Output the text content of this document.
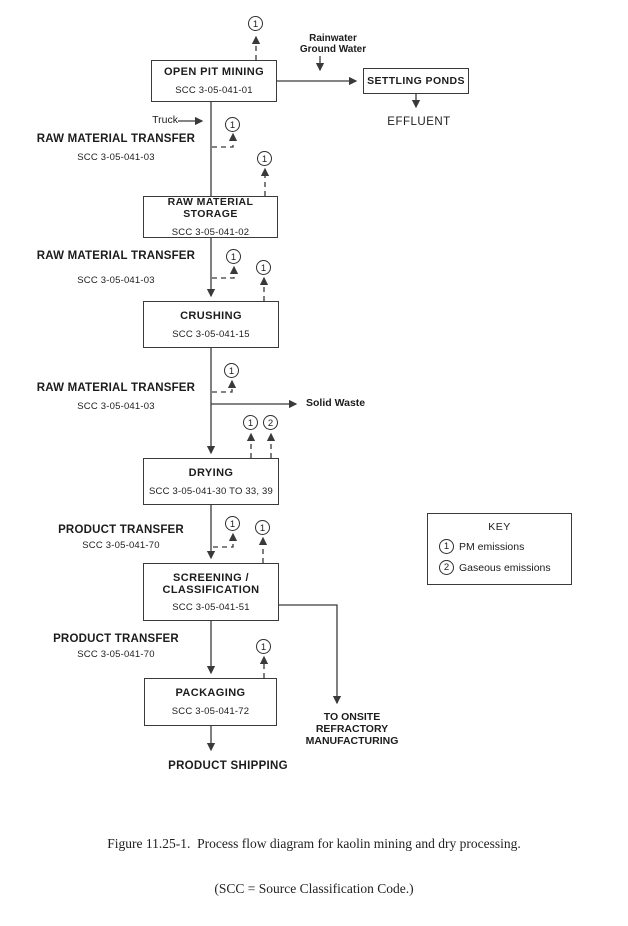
OPEN PIT MINING
SCC 3-05-041-01
SETTLING PONDS
RAW MATERIAL STORAGE
SCC 3-05-041-02
CRUSHING
SCC 3-05-041-15
DRYING
SCC 3-05-041-30 TO 33, 39
SCREENING /
CLASSIFICATION
SCC 3-05-041-51
PACKAGING
SCC 3-05-041-72
1
1
1
1
1
1
1	2
1	1
1
RAW MATERIAL TRANSFER
SCC 3-05-041-03
RAW MATERIAL TRANSFER
SCC 3-05-041-03
RAW MATERIAL TRANSFER
SCC 3-05-041-03
PRODUCT TRANSFER
SCC 3-05-041-70
PRODUCT TRANSFER
SCC 3-05-041-70
Rainwater
Ground Water
Truck	EFFLUENT
Solid Waste
PRODUCT SHIPPING
TO ONSITE
REFRACTORY
MANUFACTURING
KEY
1 PM emissions
2 Gaseous emissions

Figure 11.25-1.  Process flow diagram for kaolin mining and dry processing.

(SCC = Source Classification Code.)
